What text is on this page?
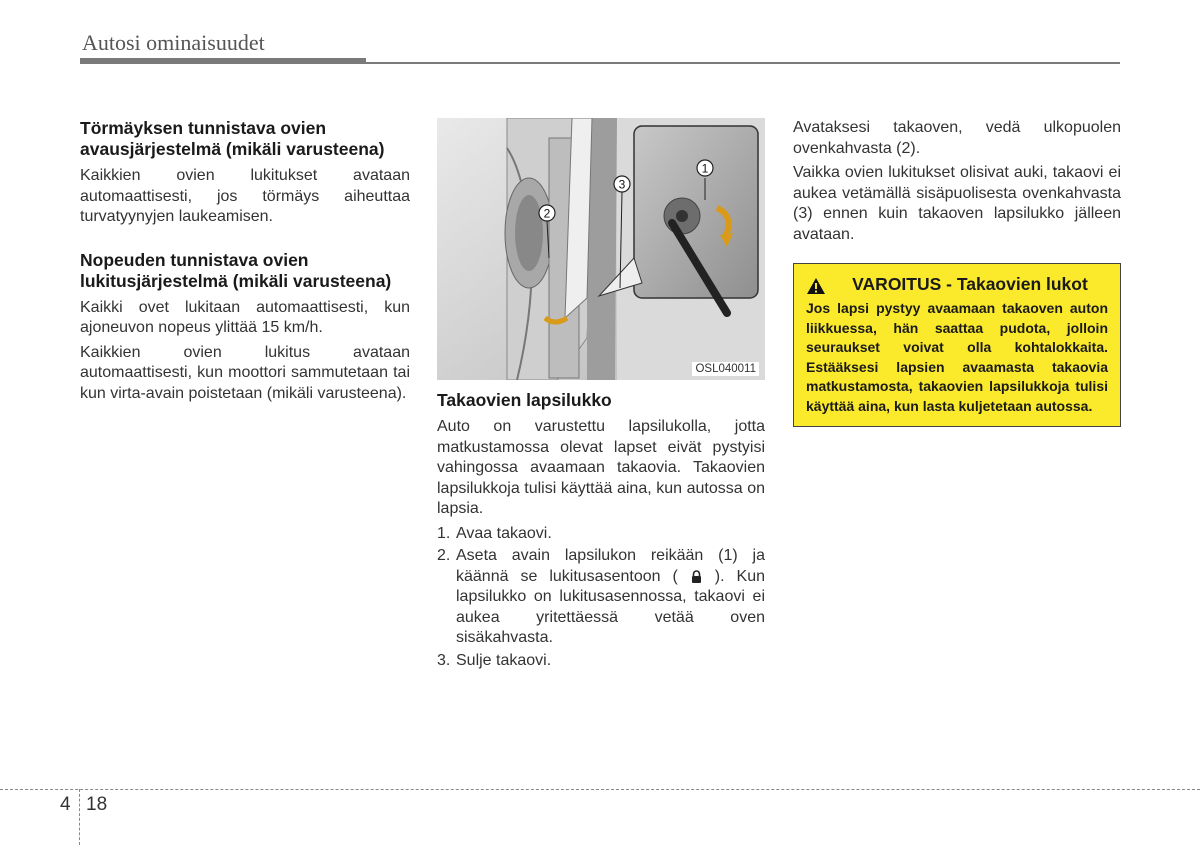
Autosi ominaisuudet
Törmäyksen tunnistava ovien avausjärjestelmä (mikäli varusteena)

Kaikkien ovien lukitukset avataan automaattisesti, jos törmäys aiheuttaa turvatyynyjen laukeamisen.

Nopeuden tunnistava ovien lukitusjärjestelmä (mikäli varusteena)

Kaikki ovet lukitaan automaattisesti, kun ajoneuvon nopeus ylittää 15 km/h.

Kaikkien ovien lukitus avataan automaattisesti, kun moottori sammutetaan tai kun virta-avain poistetaan (mikäli varusteena).

1
3
2
OSL040011
Takaovien lapsilukko

Auto on varustettu lapsilukolla, jotta matkustamossa olevat lapset eivät pystyisi vahingossa avaamaan takaovia. Takaovien lapsilukkoja tulisi käyttää aina, kun autossa on lapsia.

1. Avaa takaovi.
2. Aseta avain lapsilukon reikään (1) ja käännä se lukitusasentoon ( ). Kun lapsilukko on lukitusasennossa, takaovi ei aukea yritettäessä vetää oven sisäkahvasta.
3. Sulje takaovi.

Avataksesi takaoven, vedä ulkopuolen ovenkahvasta (2).

Vaikka ovien lukitukset olisivat auki, takaovi ei aukea vetämällä sisäpuolisesta ovenkahvasta (3) ennen kuin takaoven lapsilukko jälleen avataan.

VAROITUS - Takaovien lukot
Jos lapsi pystyy avaamaan takaoven auton liikkuessa, hän saattaa pudota, jolloin seuraukset voivat olla kohtalokkaita. Estääksesi lapsien avaamasta takaovia matkustamosta, takaovien lapsilukkoja tulisi käyttää aina, kun lasta kuljetetaan autossa.
4 18
